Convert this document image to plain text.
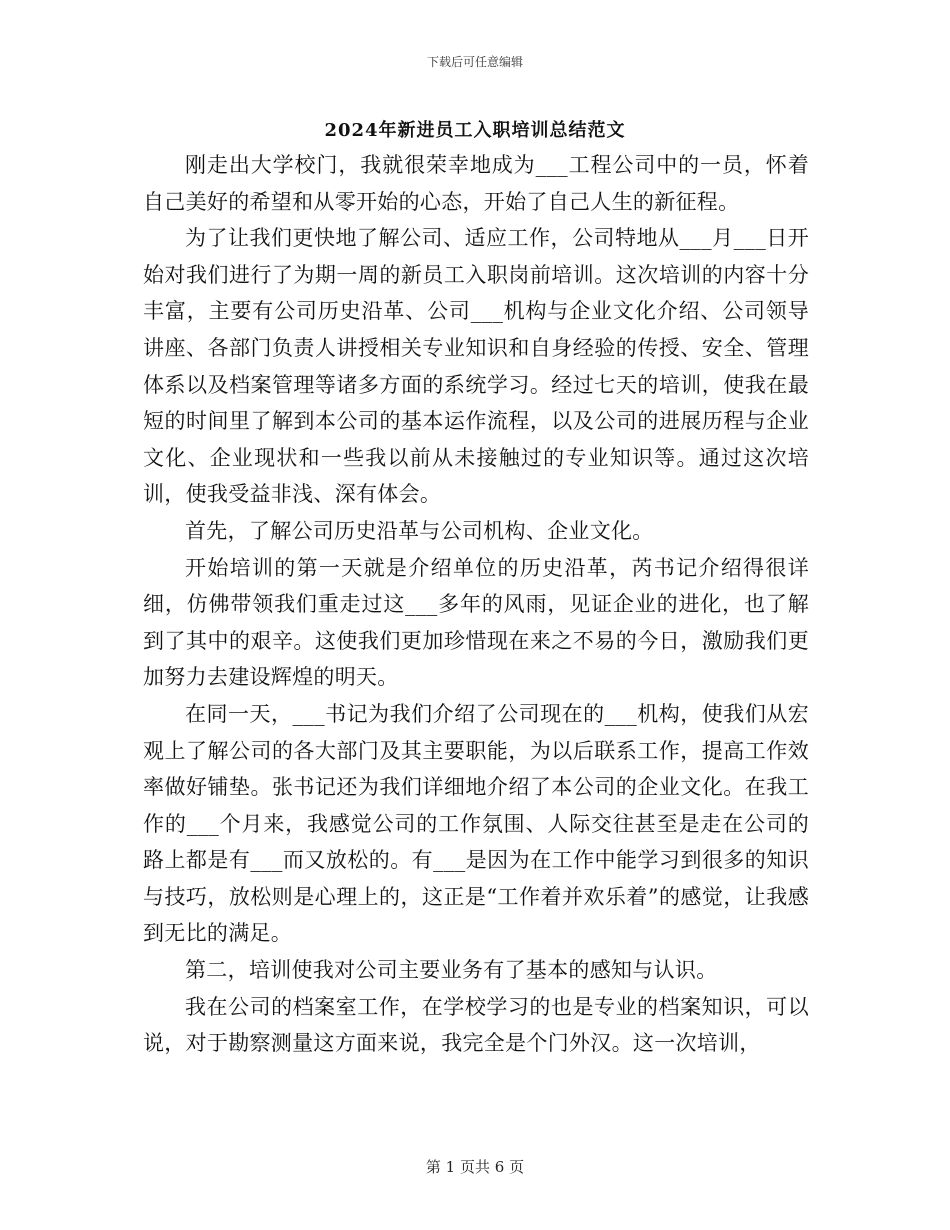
下载后可任意编辑
2024年新进员工入职培训总结范文

刚走出大学校门，我就很荣幸地成为___工程公司中的一员，怀着自己美好的希望和从零开始的心态，开始了自己人生的新征程。

为了让我们更快地了解公司、适应工作，公司特地从___月___日开始对我们进行了为期一周的新员工入职岗前培训。这次培训的内容十分丰富，主要有公司历史沿革、公司___机构与企业文化介绍、公司领导讲座、各部门负责人讲授相关专业知识和自身经验的传授、安全、管理体系以及档案管理等诸多方面的系统学习。经过七天的培训，使我在最短的时间里了解到本公司的基本运作流程，以及公司的进展历程与企业文化、企业现状和一些我以前从未接触过的专业知识等。通过这次培训，使我受益非浅、深有体会。

首先，了解公司历史沿革与公司机构、企业文化。

开始培训的第一天就是介绍单位的历史沿革，芮书记介绍得很详细，仿佛带领我们重走过这___多年的风雨，见证企业的进化，也了解到了其中的艰辛。这使我们更加珍惜现在来之不易的今日，激励我们更加努力去建设辉煌的明天。

在同一天，___书记为我们介绍了公司现在的___机构，使我们从宏观上了解公司的各大部门及其主要职能，为以后联系工作，提高工作效率做好铺垫。张书记还为我们详细地介绍了本公司的企业文化。在我工作的___个月来，我感觉公司的工作氛围、人际交往甚至是走在公司的路上都是有___而又放松的。有___是因为在工作中能学习到很多的知识与技巧，放松则是心理上的，这正是“工作着并欢乐着”的感觉，让我感到无比的满足。

第二，培训使我对公司主要业务有了基本的感知与认识。

我在公司的档案室工作，在学校学习的也是专业的档案知识，可以说，对于勘察测量这方面来说，我完全是个门外汉。这一次培训，

第 1 页共 6 页
